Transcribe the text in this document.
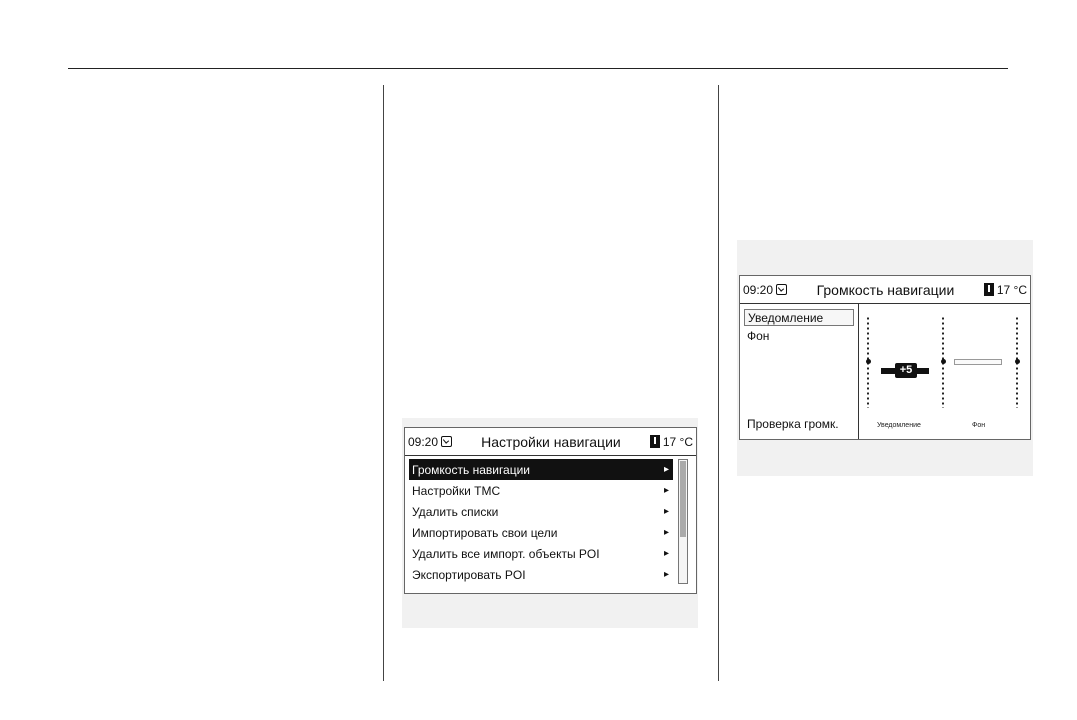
09:20	Настройки навигации	17 °C
Громкость навигации	▸
Настройки TMC	▸
Удалить списки	▸
Импортировать свои цели	▸
Удалить все импорт. объекты POI	▸
Экспортировать POI	▸
09:20	Громкость навигации	17 °C
Уведомление
Фон
Проверка громк.
+5
Уведомление	Фон
